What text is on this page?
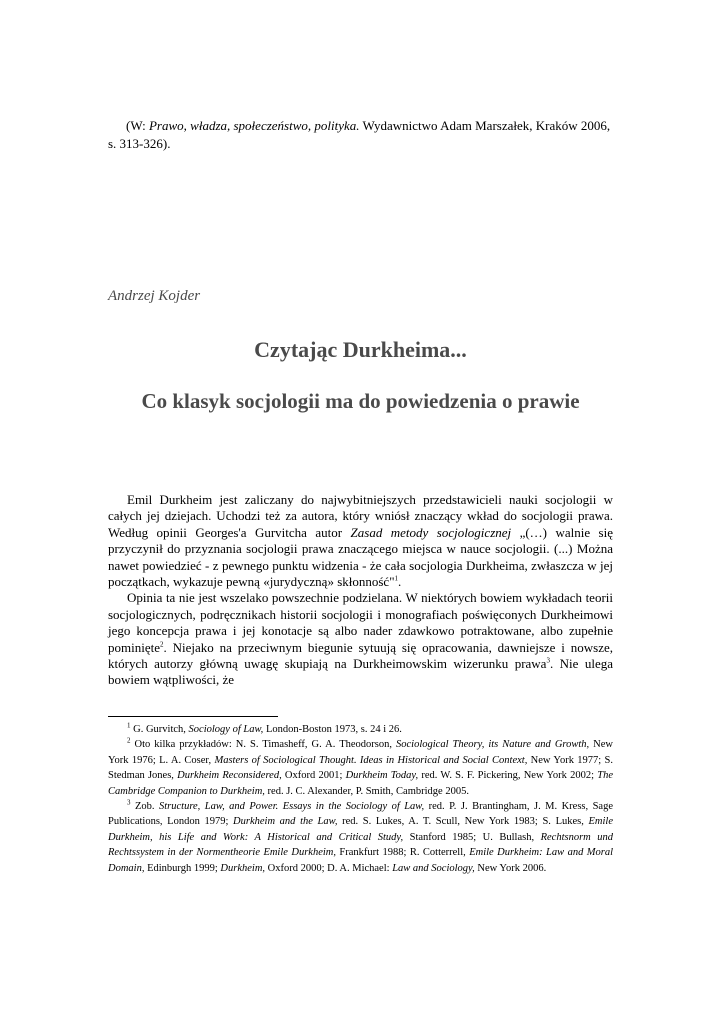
(W: Prawo, władza, społeczeństwo, polityka. Wydawnictwo Adam Marszałek, Kraków 2006, s. 313-326).
Andrzej Kojder
Czytając Durkheima...
Co klasyk socjologii ma do powiedzenia o prawie

Emil Durkheim jest zaliczany do najwybitniejszych przedstawicieli nauki socjologii w całych jej dziejach. Uchodzi też za autora, który wniósł znaczący wkład do socjologii prawa. Według opinii Georges'a Gurvitcha autor Zasad metody socjologicznej „(…) walnie się przyczynił do przyznania socjologii prawa znaczącego miejsca w nauce socjologii. (...) Można nawet powiedzieć - z pewnego punktu widzenia - że cała socjologia Durkheima, zwłaszcza w jej początkach, wykazuje pewną «jurydyczną» skłonność"$^1$.

Opinia ta nie jest wszelako powszechnie podzielana. W niektórych bowiem wykładach teorii socjologicznych, podręcznikach historii socjologii i monografiach poświęconych Durkheimowi jego koncepcja prawa i jej konotacje są albo nader zdawkowo potraktowane, albo zupełnie pominięte$^2$. Niejako na przeciwnym biegunie sytuują się opracowania, dawniejsze i nowsze, których autorzy główną uwagę skupiają na Durkheimowskim wizerunku prawa$^3$. Nie ulega bowiem wątpliwości, że

$^1$ G. Gurvitch, Sociology of Law, London-Boston 1973, s. 24 i 26.

$^2$ Oto kilka przykładów: N. S. Timasheff, G. A. Theodorson, Sociological Theory, its Nature and Growth, New York 1976; L. A. Coser, Masters of Sociological Thought. Ideas in Historical and Social Context, New York 1977; S. Stedman Jones, Durkheim Reconsidered, Oxford 2001; Durkheim Today, red. W. S. F. Pickering, New York 2002; The Cambridge Companion to Durkheim, red. J. C. Alexander, P. Smith, Cambridge 2005.

$^3$ Zob. Structure, Law, and Power. Essays in the Sociology of Law, red. P. J. Brantingham, J. M. Kress, Sage Publications, London 1979; Durkheim and the Law, red. S. Lukes, A. T. Scull, New York 1983; S. Lukes, Emile Durkheim, his Life and Work: A Historical and Critical Study, Stanford 1985; U. Bullash, Rechtsnorm und Rechtssystem in der Normentheorie Emile Durkheim, Frankfurt 1988; R. Cotterrell, Emile Durkheim: Law and Moral Domain, Edinburgh 1999; Durkheim, Oxford 2000; D. A. Michael: Law and Sociology, New York 2006.
